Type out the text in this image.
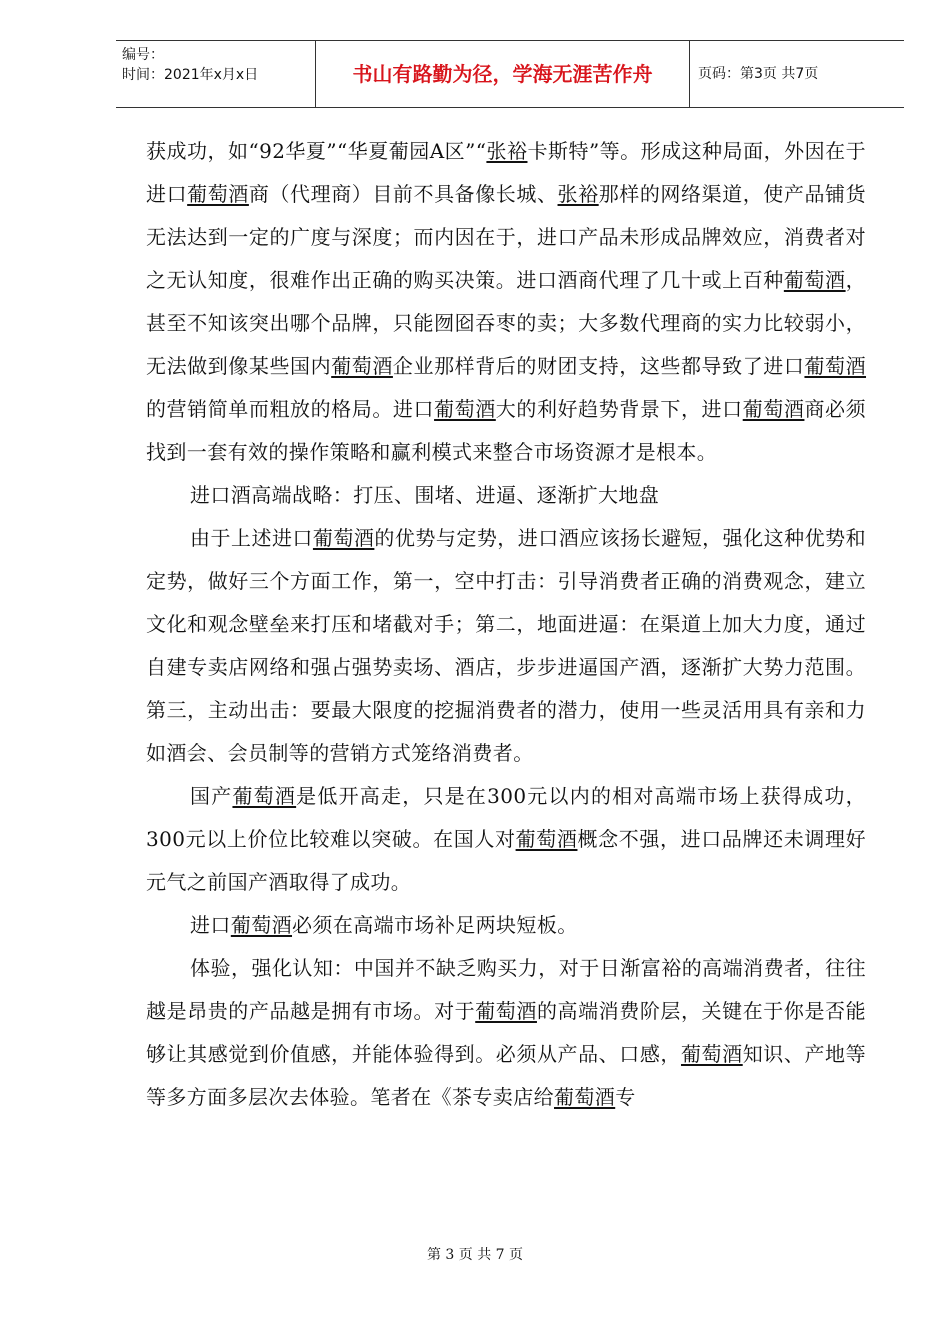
编号：
时间：2021年x月x日	书山有路勤为径，学海无涯苦作舟	页码：第3页 共7页

获成功，如“92华夏”“华夏葡园A区”“张裕卡斯特”等。形成这种局面，外因在于进口葡萄酒商（代理商）目前不具备像长城、张裕那样的网络渠道，使产品铺货无法达到一定的广度与深度；而内因在于，进口产品未形成品牌效应，消费者对之无认知度，很难作出正确的购买决策。进口酒商代理了几十或上百种葡萄酒，甚至不知该突出哪个品牌，只能囫囵吞枣的卖；大多数代理商的实力比较弱小，无法做到像某些国内葡萄酒企业那样背后的财团支持，这些都导致了进口葡萄酒的营销简单而粗放的格局。进口葡萄酒大的利好趋势背景下，进口葡萄酒商必须找到一套有效的操作策略和赢利模式来整合市场资源才是根本。

进口酒高端战略：打压、围堵、进逼、逐渐扩大地盘

由于上述进口葡萄酒的优势与定势，进口酒应该扬长避短，强化这种优势和定势，做好三个方面工作，第一，空中打击：引导消费者正确的消费观念，建立文化和观念壁垒来打压和堵截对手；第二，地面进逼：在渠道上加大力度，通过自建专卖店网络和强占强势卖场、酒店，步步进逼国产酒，逐渐扩大势力范围。第三，主动出击：要最大限度的挖掘消费者的潜力，使用一些灵活用具有亲和力如酒会、会员制等的营销方式笼络消费者。

国产葡萄酒是低开高走，只是在300元以内的相对高端市场上获得成功，300元以上价位比较难以突破。在国人对葡萄酒概念不强，进口品牌还未调理好元气之前国产酒取得了成功。

进口葡萄酒必须在高端市场补足两块短板。

体验，强化认知：中国并不缺乏购买力，对于日渐富裕的高端消费者，往往越是昂贵的产品越是拥有市场。对于葡萄酒的高端消费阶层，关键在于你是否能够让其感觉到价值感，并能体验得到。必须从产品、口感，葡萄酒知识、产地等等多方面多层次去体验。笔者在《茶专卖店给葡萄酒专

第 3 页 共 7 页
